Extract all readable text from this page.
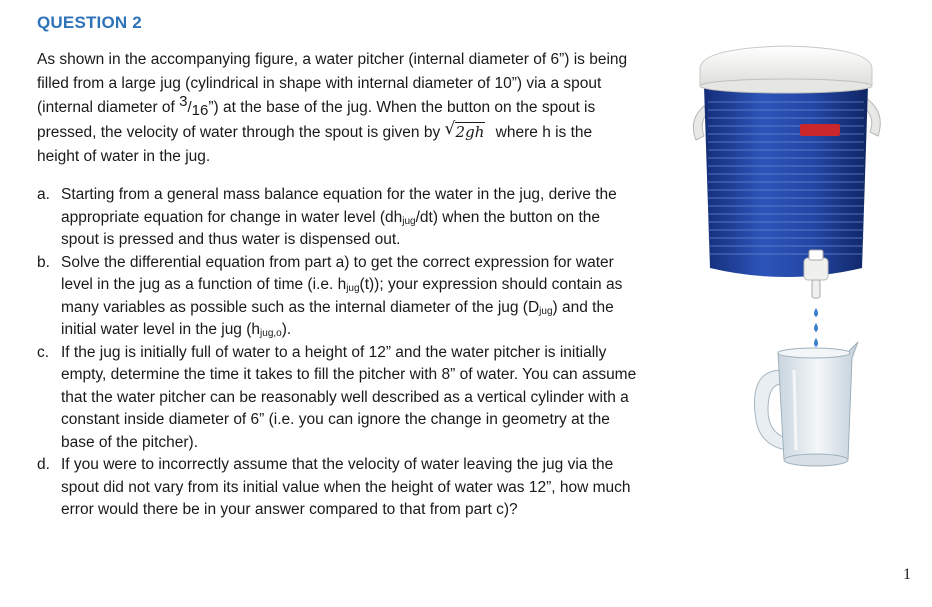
QUESTION 2
As shown in the accompanying figure, a water pitcher (internal diameter of 6”) is being filled from a large jug (cylindrical in shape with internal diameter of 10”) via a spout (internal diameter of $^3/_{16}$”) at the base of the jug. When the button on the spout is pressed, the velocity of water through the spout is given by √ 2gh where h is the height of water in the jug.
a. Starting from a general mass balance equation for the water in the jug, derive the appropriate equation for change in water level $(dh_{jug}/dt)$ when the button on the spout is pressed and thus water is dispensed out.
b. Solve the differential equation from part a) to get the correct expression for water level in the jug as a function of time (i.e. $h_{jug}(t)$); your expression should contain as many variables as possible such as the internal diameter of the jug $(D_{jug})$ and the initial water level in the jug $(h_{jug,o})$.
c. If the jug is initially full of water to a height of 12” and the water pitcher is initially empty, determine the time it takes to fill the pitcher with 8” of water. You can assume that the water pitcher can be reasonably well described as a vertical cylinder with a constant inside diameter of 6” (i.e. you can ignore the change in geometry at the base of the pitcher).
d. If you were to incorrectly assume that the velocity of water leaving the jug via the spout did not vary from its initial value when the height of water was 12”, how much error would there be in your answer compared to that from part c)?
1
